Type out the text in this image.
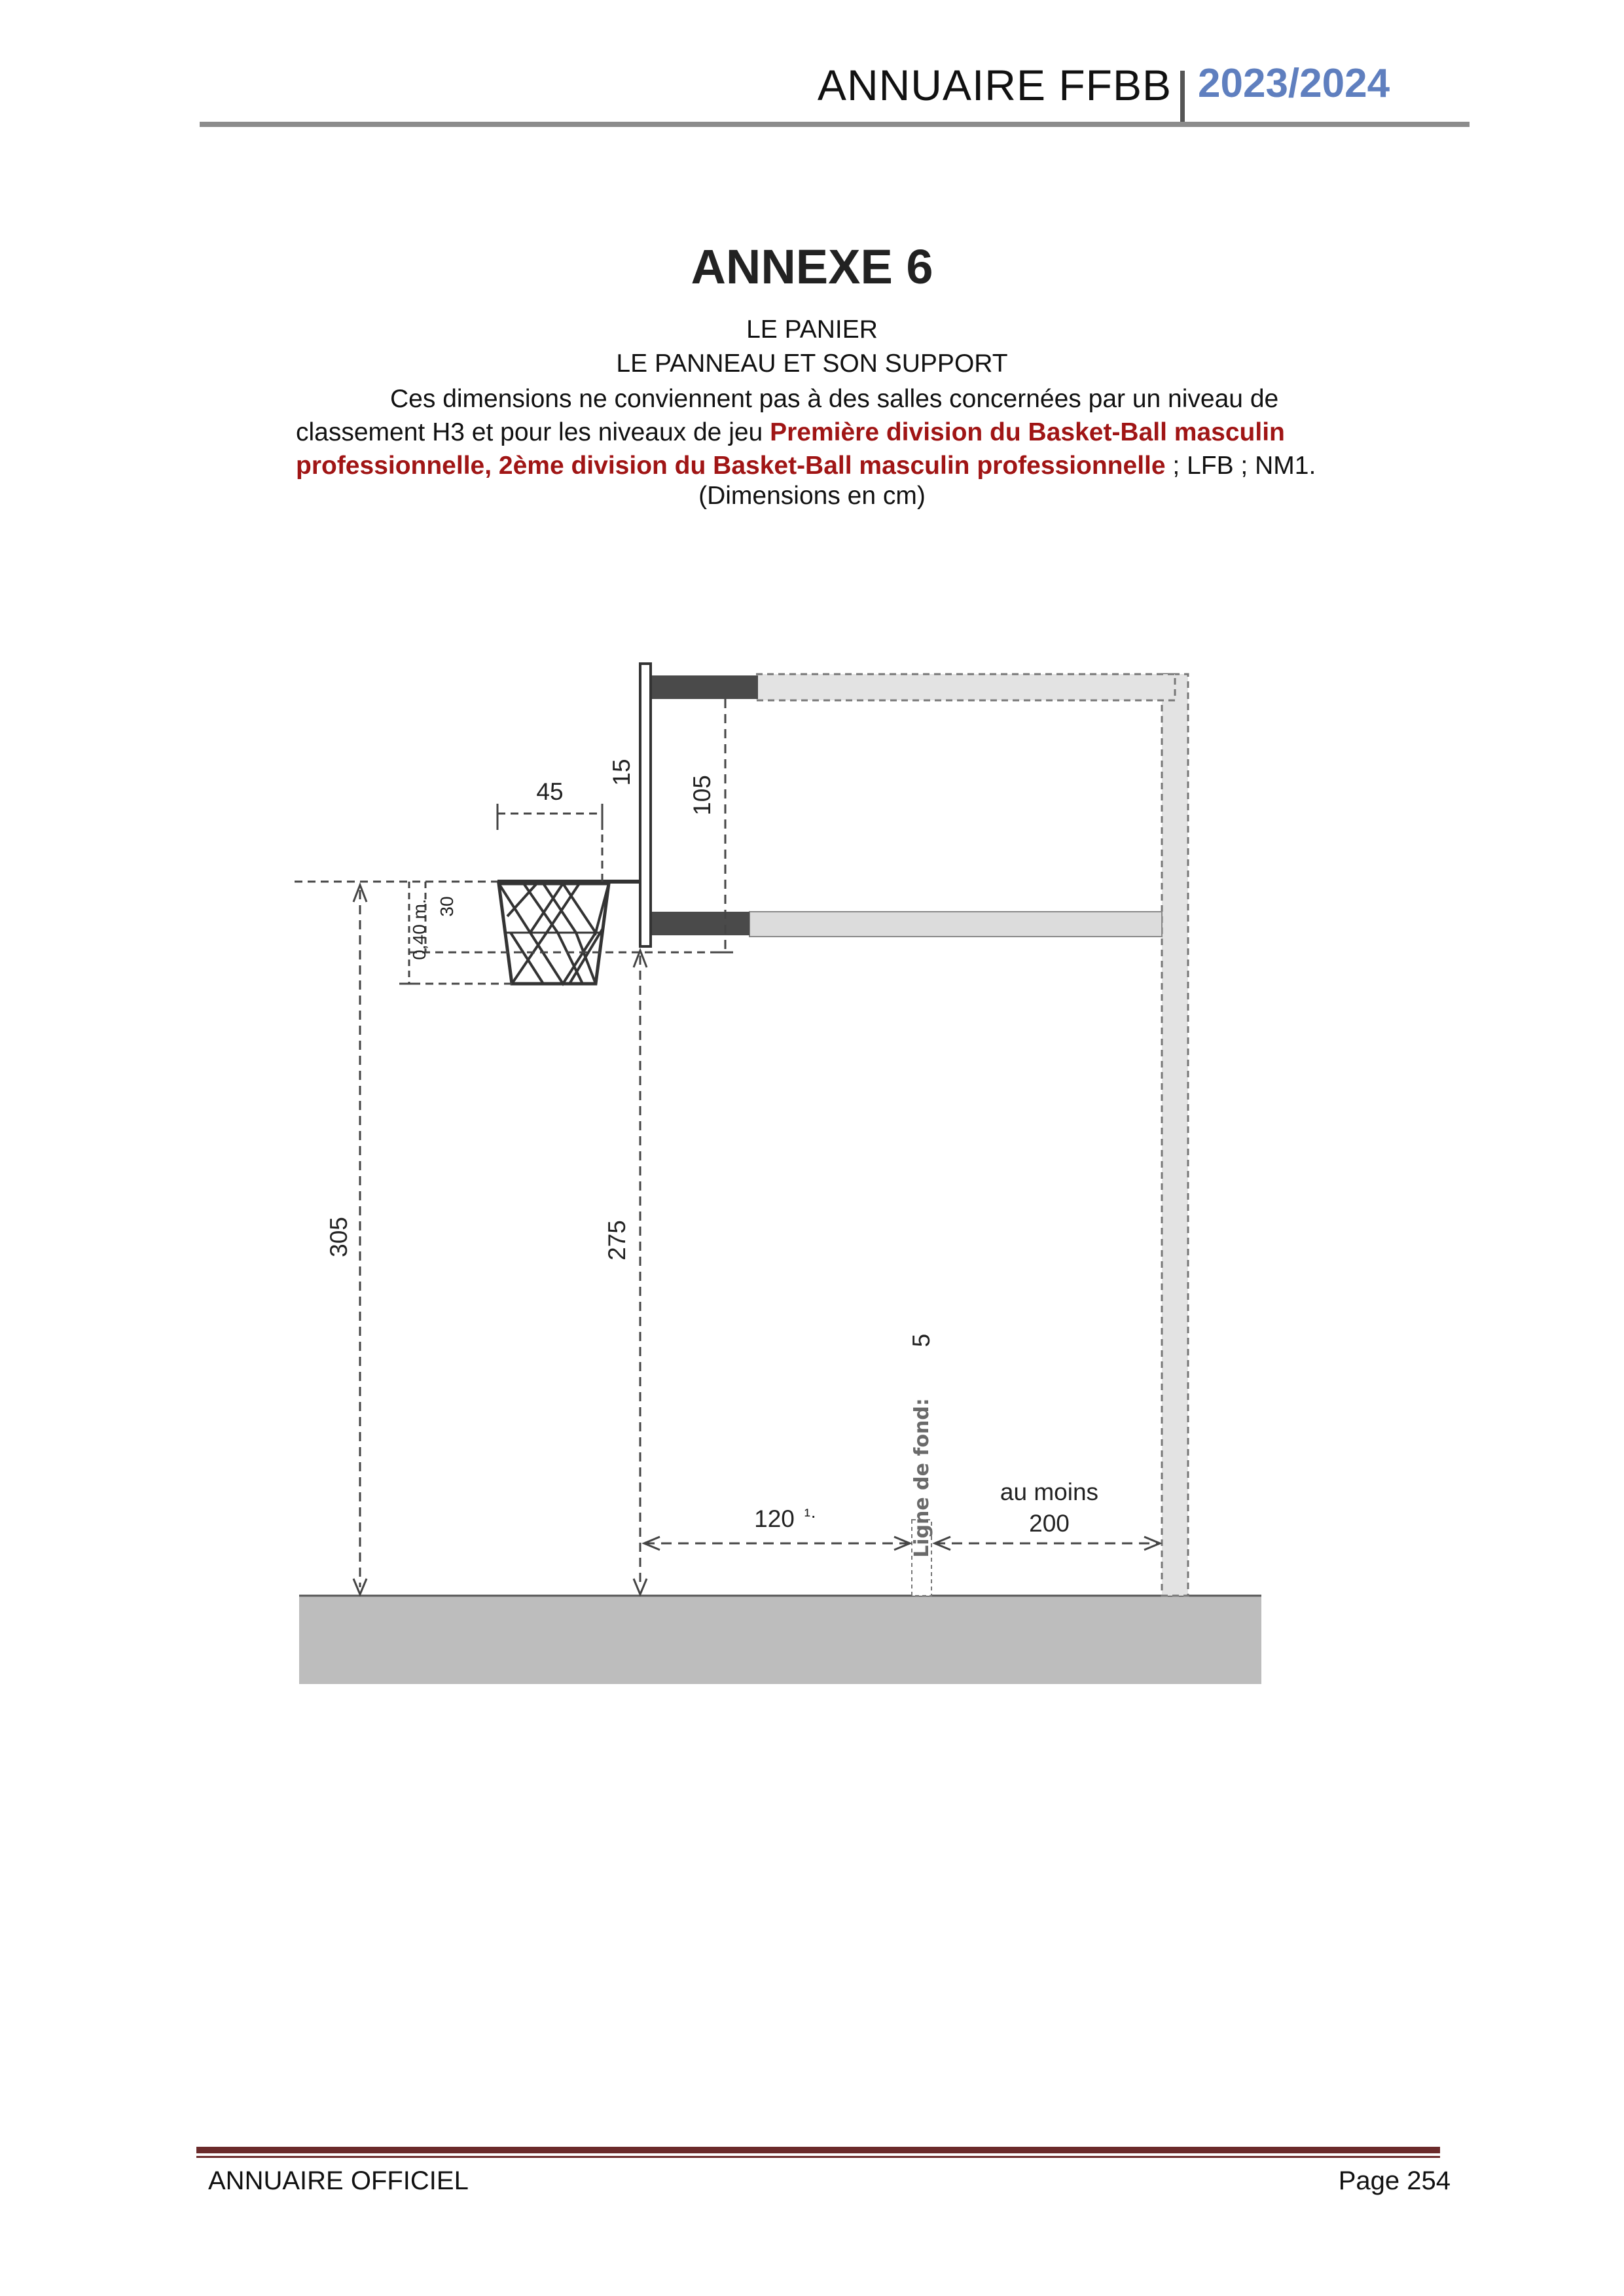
ANNUAIRE FFBB 2023/2024
ANNEXE 6
LE PANIER
LE PANNEAU ET SON SUPPORT
Ces dimensions ne conviennent pas à des salles concernées par un niveau de classement H3 et pour les niveaux de jeu Première division du Basket-Ball masculin professionnelle, 2ème division du Basket-Ball masculin professionnelle ; LFB ; NM1.
(Dimensions en cm)
45
15
105
30
0,40 m.
305	275
Ligne de fond:
5
120 ¹·
au moins
200
ANNUAIRE OFFICIEL	Page 254
